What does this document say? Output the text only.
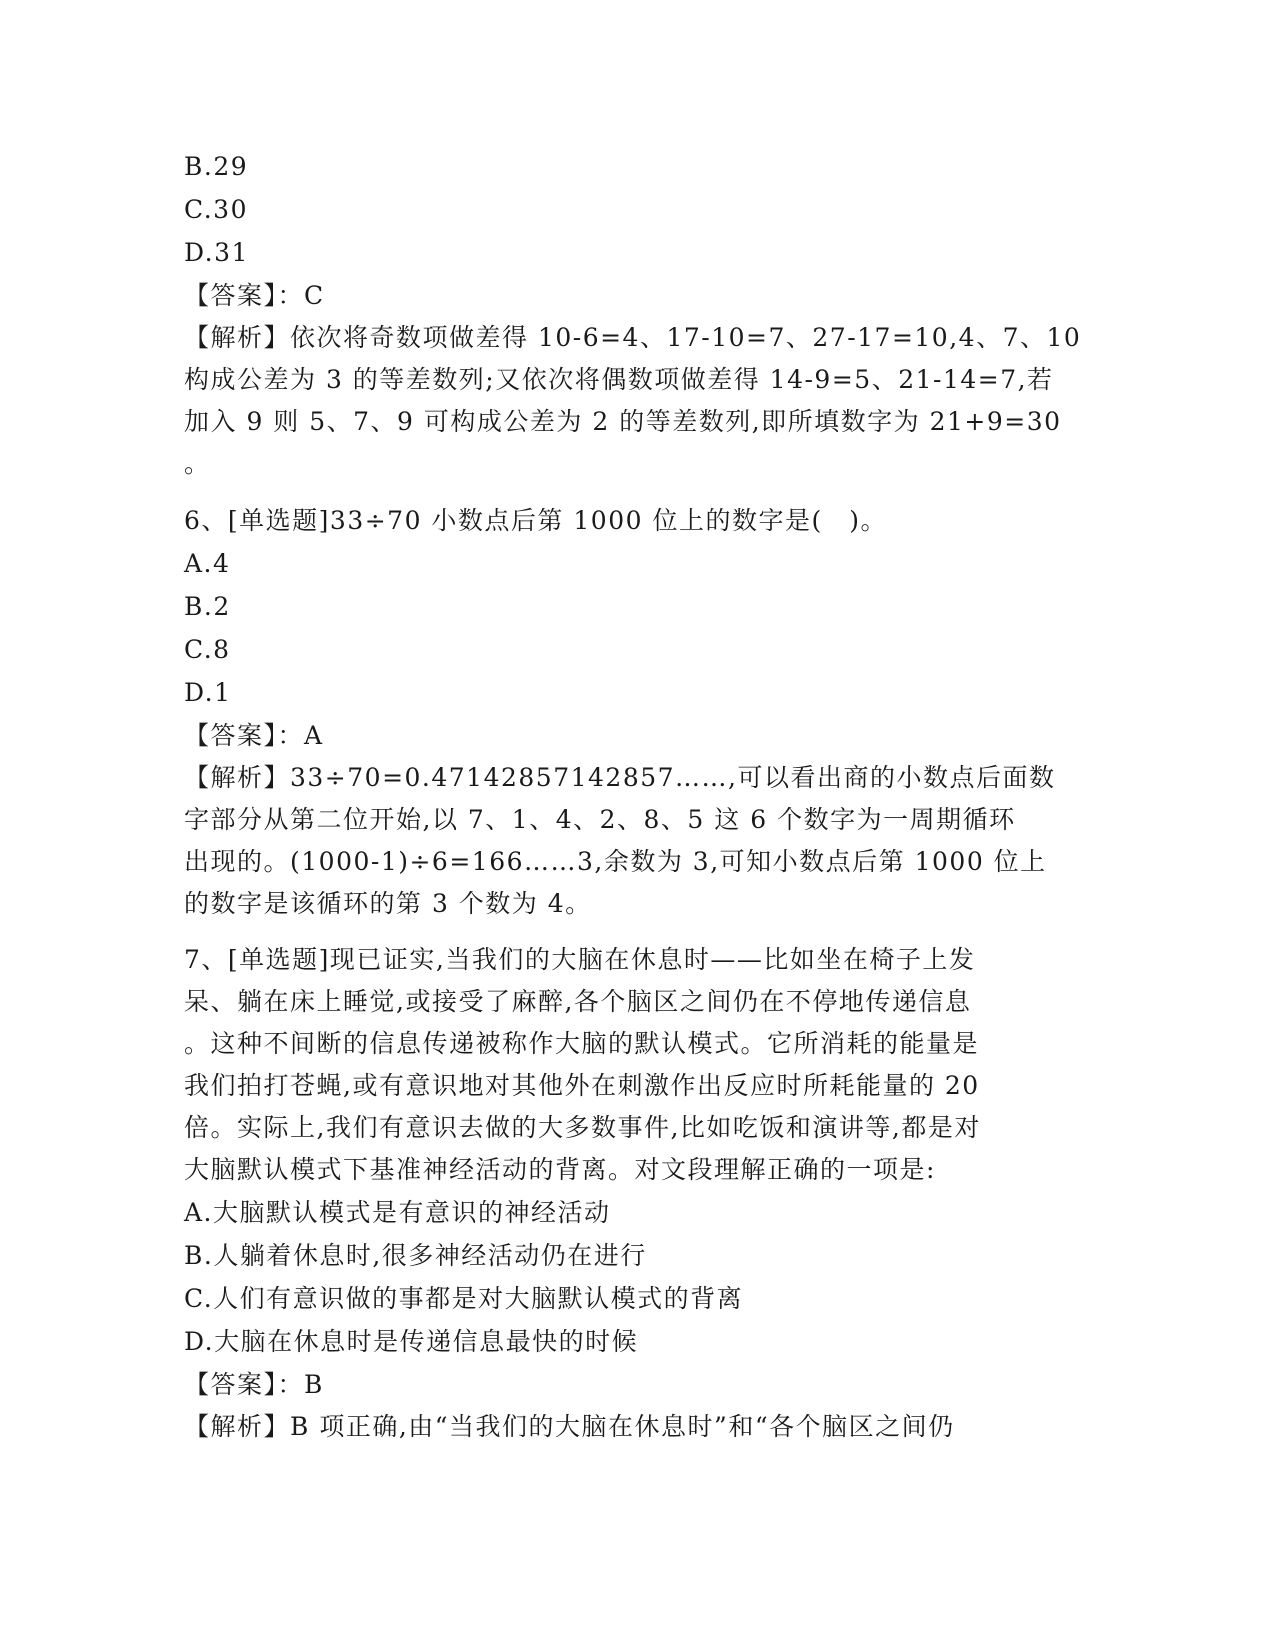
B.29
C.30
D.31
【答案】：C
【解析】依次将奇数项做差得 10-6=4、17-10=7、27-17=10,4、7、10
构成公差为 3 的等差数列;又依次将偶数项做差得 14-9=5、21-14=7,若
加入 9 则 5、7、9 可构成公差为 2 的等差数列,即所填数字为 21+9=30
。
6、[单选题]33÷70 小数点后第 1000 位上的数字是(　)。
A.4
B.2
C.8
D.1
【答案】：A
【解析】33÷70=0.47142857142857……,可以看出商的小数点后面数
字部分从第二位开始,以 7、1、4、2、8、5 这 6 个数字为一周期循环
出现的。(1000-1)÷6=166……3,余数为 3,可知小数点后第 1000 位上
的数字是该循环的第 3 个数为 4。
7、[单选题]现已证实,当我们的大脑在休息时——比如坐在椅子上发
呆、躺在床上睡觉,或接受了麻醉,各个脑区之间仍在不停地传递信息
。这种不间断的信息传递被称作大脑的默认模式。它所消耗的能量是
我们拍打苍蝇,或有意识地对其他外在刺激作出反应时所耗能量的 20
倍。实际上,我们有意识去做的大多数事件,比如吃饭和演讲等,都是对
大脑默认模式下基准神经活动的背离。对文段理解正确的一项是:
A.大脑默认模式是有意识的神经活动
B.人躺着休息时,很多神经活动仍在进行
C.人们有意识做的事都是对大脑默认模式的背离
D.大脑在休息时是传递信息最快的时候
【答案】：B
【解析】B 项正确,由“当我们的大脑在休息时”和“各个脑区之间仍
